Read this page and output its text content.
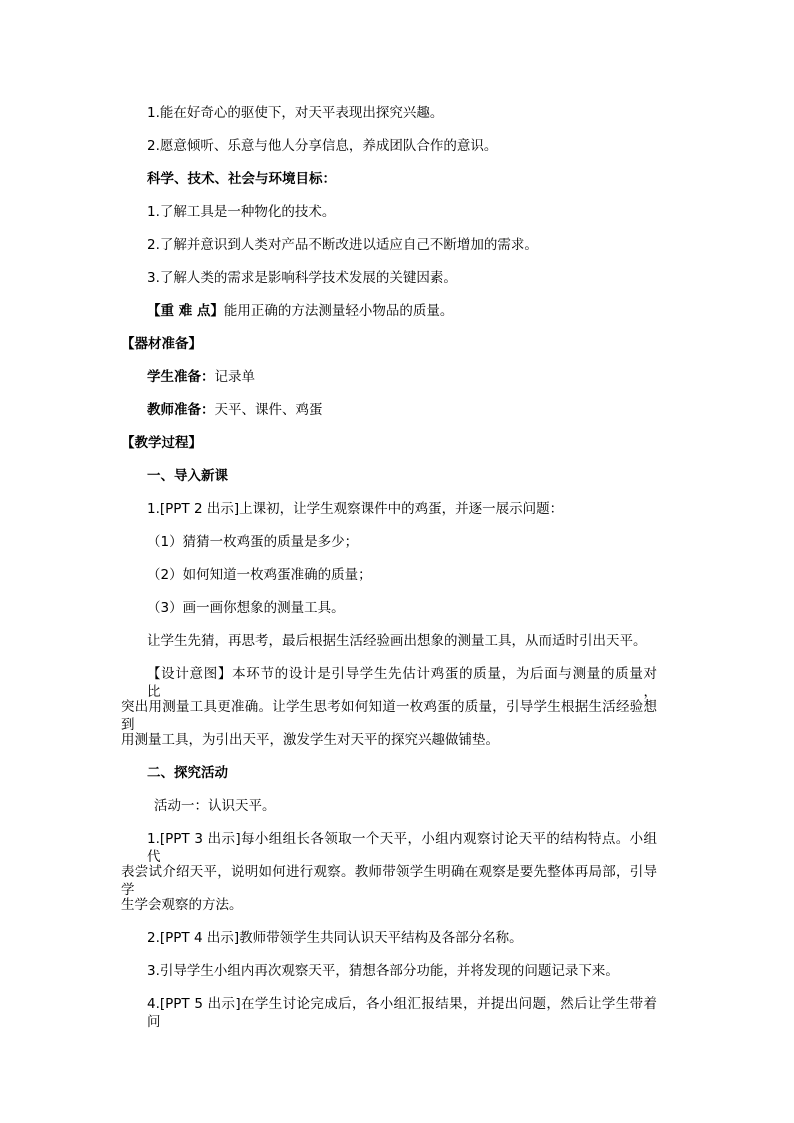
1.能在好奇心的驱使下，对天平表现出探究兴趣。
2.愿意倾听、乐意与他人分享信息，养成团队合作的意识。
科学、技术、社会与环境目标：
1.了解工具是一种物化的技术。
2.了解并意识到人类对产品不断改进以适应自己不断增加的需求。
3.了解人类的需求是影响科学技术发展的关键因素。
【重 难 点】能用正确的方法测量轻小物品的质量。
【器材准备】
学生准备：记录单
教师准备：天平、课件、鸡蛋
【教学过程】
一、导入新课
1.[PPT 2 出示]上课初，让学生观察课件中的鸡蛋，并逐一展示问题：
（1）猜猜一枚鸡蛋的质量是多少；
（2）如何知道一枚鸡蛋准确的质量；
（3）画一画你想象的测量工具。
让学生先猜，再思考，最后根据生活经验画出想象的测量工具，从而适时引出天平。
【设计意图】本环节的设计是引导学生先估计鸡蛋的质量，为后面与测量的质量对比，
突出用测量工具更准确。让学生思考如何知道一枚鸡蛋的质量，引导学生根据生活经验想到
用测量工具，为引出天平，激发学生对天平的探究兴趣做铺垫。
二、探究活动
活动一：认识天平。
1.[PPT 3 出示]每小组组长各领取一个天平，小组内观察讨论天平的结构特点。小组代
表尝试介绍天平，说明如何进行观察。教师带领学生明确在观察是要先整体再局部，引导学
生学会观察的方法。
2.[PPT 4 出示]教师带领学生共同认识天平结构及各部分名称。
3.引导学生小组内再次观察天平，猜想各部分功能，并将发现的问题记录下来。
4.[PPT 5 出示]在学生讨论完成后，各小组汇报结果，并提出问题，然后让学生带着问
